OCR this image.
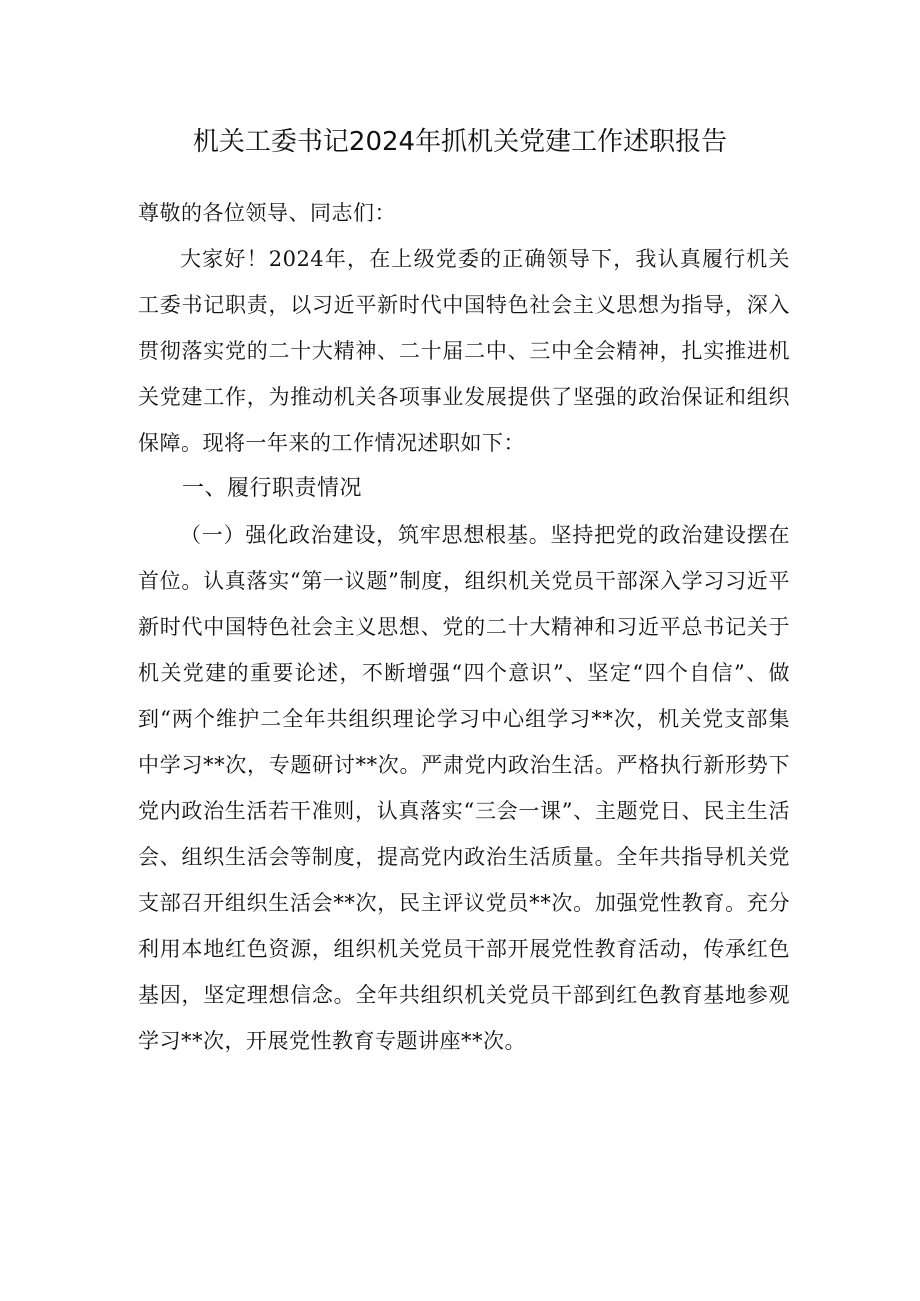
机关工委书记2024年抓机关党建工作述职报告

尊敬的各位领导、同志们：

大家好！2024年，在上级党委的正确领导下，我认真履行机关工委书记职责，以习近平新时代中国特色社会主义思想为指导，深入贯彻落实党的二十大精神、二十届二中、三中全会精神，扎实推进机关党建工作，为推动机关各项事业发展提供了坚强的政治保证和组织保障。现将一年来的工作情况述职如下：

一、履行职责情况

（一）强化政治建设，筑牢思想根基。坚持把党的政治建设摆在首位。认真落实“第一议题”制度，组织机关党员干部深入学习习近平新时代中国特色社会主义思想、党的二十大精神和习近平总书记关于机关党建的重要论述，不断增强“四个意识”、坚定“四个自信”、做到“两个维护二全年共组织理论学习中心组学习**次，机关党支部集中学习**次，专题研讨**次。严肃党内政治生活。严格执行新形势下党内政治生活若干准则，认真落实“三会一课”、主题党日、民主生活会、组织生活会等制度，提高党内政治生活质量。全年共指导机关党支部召开组织生活会**次，民主评议党员**次。加强党性教育。充分利用本地红色资源，组织机关党员干部开展党性教育活动，传承红色基因，坚定理想信念。全年共组织机关党员干部到红色教育基地参观学习**次，开展党性教育专题讲座**次。
